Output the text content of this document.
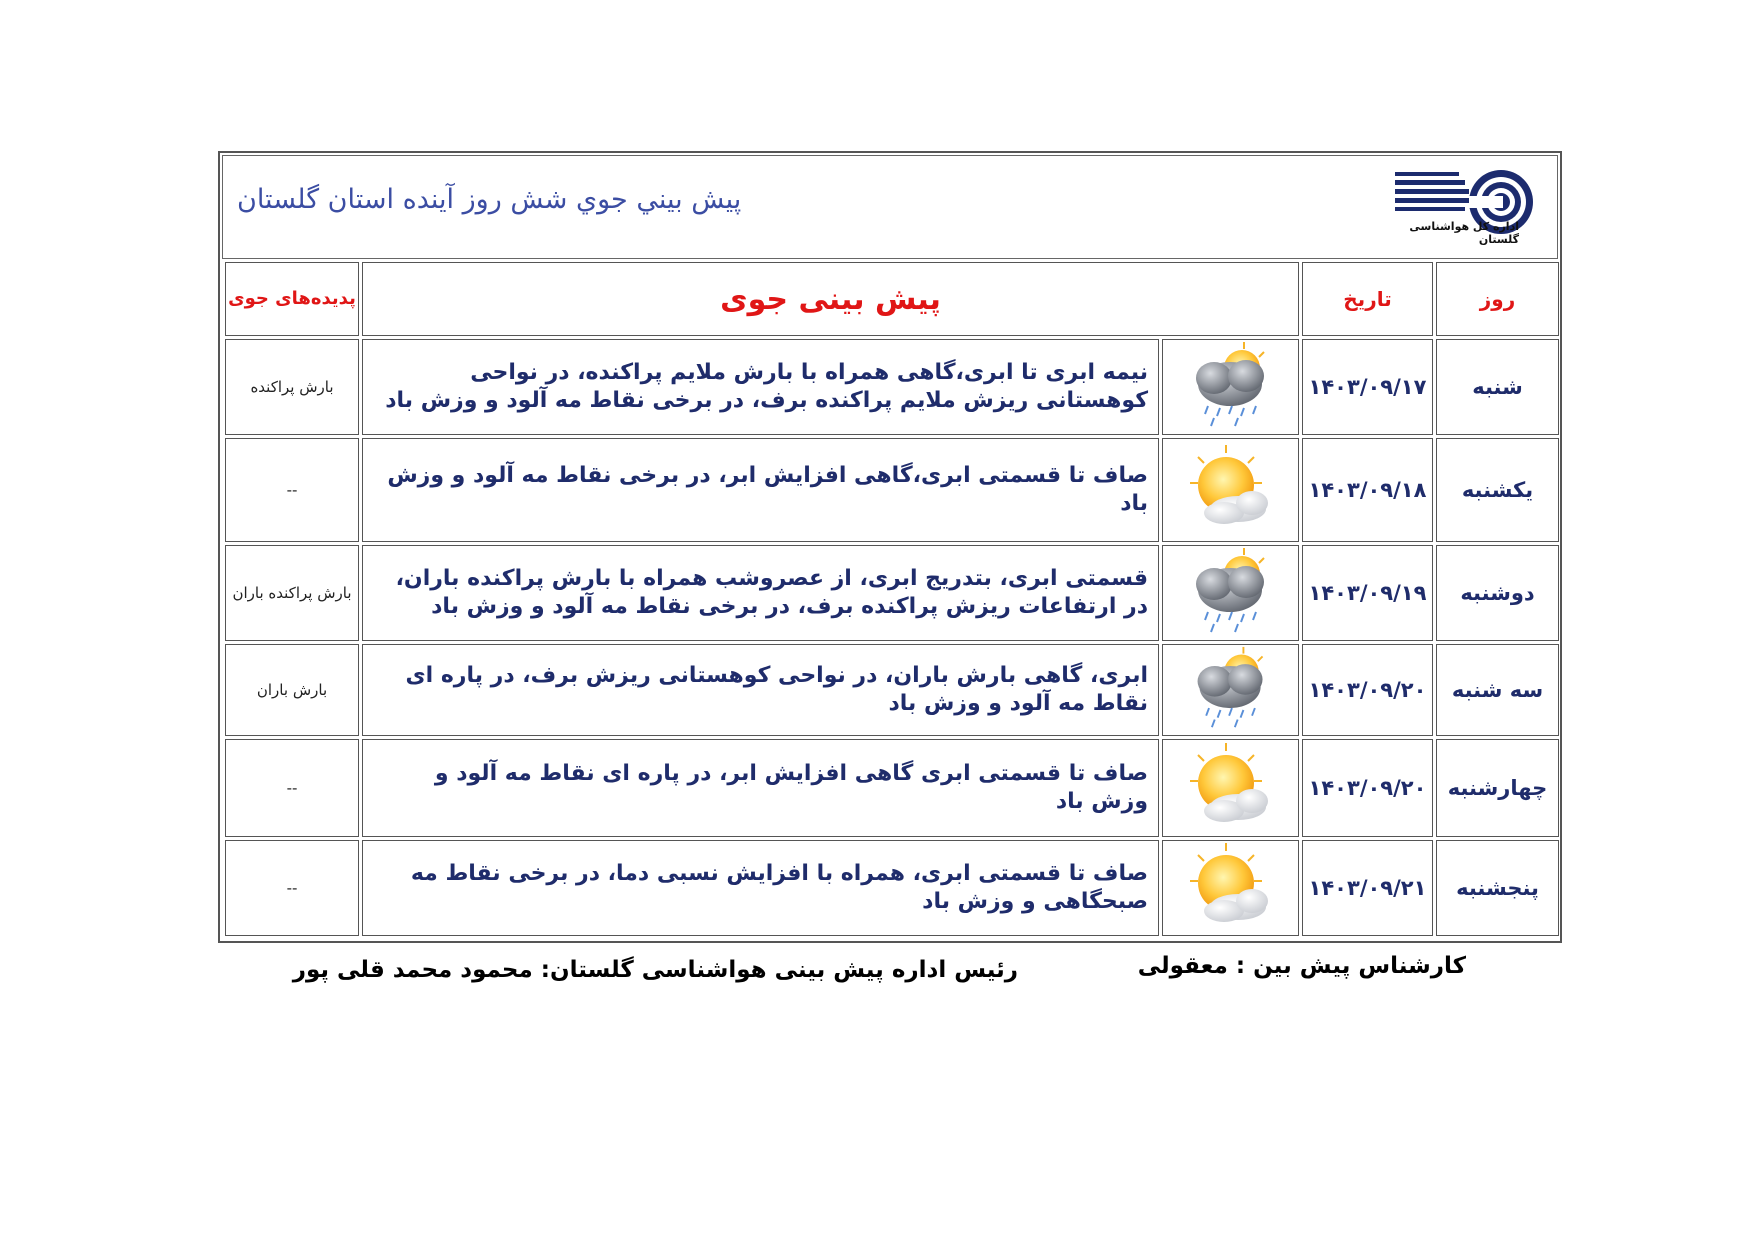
پيش بيني جوي شش روز آينده استان گلستان
اداره کل هواشناسی گلستان
پدیده‌های جوی	پیش بینی جوی		تاریخ	روز
بارش پراکنده	نیمه ابری تا ابری،گاهی همراه با بارش ملایم پراکنده، در نواحی کوهستانی ریزش ملایم پراکنده برف، در برخی نقاط مه آلود و وزش باد		۱۴۰۳/۰۹/۱۷	شنبه
--	صاف تا قسمتی ابری،گاهی افزایش ابر، در برخی نقاط مه آلود و وزش باد		۱۴۰۳/۰۹/۱۸	یکشنبه
بارش پراکنده باران	قسمتی ابری، بتدریج ابری، از عصروشب همراه با بارش پراکنده باران، در ارتفاعات ریزش پراکنده برف، در برخی نقاط مه آلود و وزش باد		۱۴۰۳/۰۹/۱۹	دوشنبه
بارش باران	ابری، گاهی بارش باران، در نواحی کوهستانی ریزش برف، در پاره ای نقاط مه آلود و وزش باد		۱۴۰۳/۰۹/۲۰	سه شنبه
--	صاف تا قسمتی ابری گاهی افزایش ابر، در پاره ای نقاط مه آلود و وزش باد		۱۴۰۳/۰۹/۲۰	چهارشنبه
--	صاف تا قسمتی ابری، همراه با افزایش نسبی دما، در برخی نقاط مه صبحگاهی و وزش باد		۱۴۰۳/۰۹/۲۱	پنجشنبه
کارشناس پیش بین : معقولی
رئیس اداره پیش بینی هواشناسی گلستان: محمود محمد قلی پور
